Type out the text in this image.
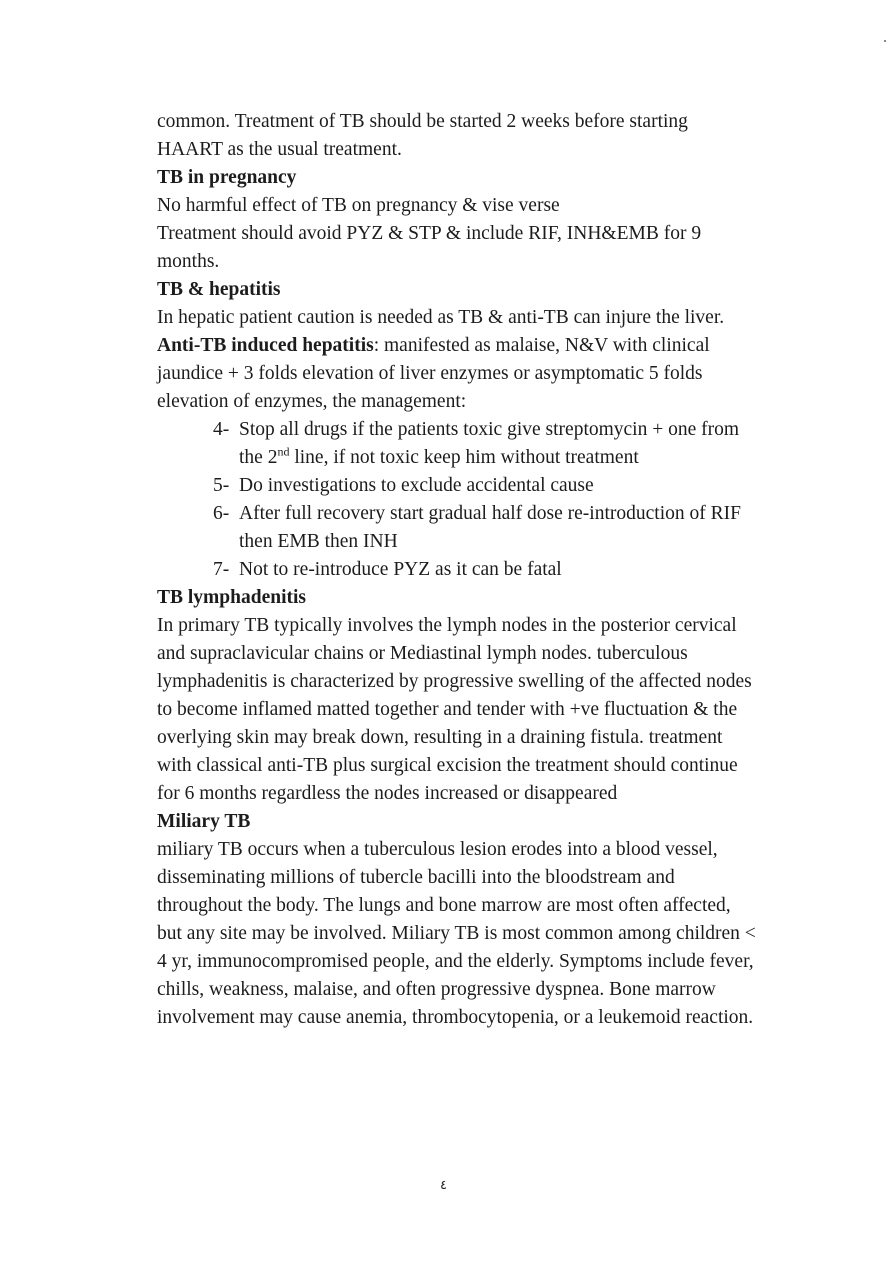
common. Treatment of TB should be started 2 weeks before starting

HAART as the usual treatment.

TB in pregnancy

No harmful effect of TB on pregnancy & vise verse

Treatment should avoid PYZ & STP & include RIF, INH&EMB for 9 months.

TB & hepatitis

In hepatic patient caution is needed as TB & anti-TB can injure the liver.

Anti-TB induced hepatitis: manifested as malaise, N&V with clinical jaundice + 3 folds elevation of liver enzymes or asymptomatic 5 folds elevation of enzymes, the management:

4- Stop all drugs if the patients toxic give streptomycin + one from the 2nd line, if not toxic keep him without treatment
5- Do investigations to exclude accidental cause
6- After full recovery start gradual half dose re-introduction of RIF then EMB then INH
7- Not to re-introduce PYZ as it can be fatal

TB lymphadenitis

In primary TB typically involves the lymph nodes in the posterior cervical and supraclavicular chains or Mediastinal lymph nodes. tuberculous lymphadenitis is characterized by progressive swelling of the affected nodes to become inflamed matted together and tender with +ve fluctuation & the overlying skin may break down, resulting in a draining fistula. treatment with classical anti-TB plus surgical excision the treatment should continue for 6 months regardless the nodes increased or disappeared

Miliary TB

miliary TB occurs when a tuberculous lesion erodes into a blood vessel, disseminating millions of tubercle bacilli into the bloodstream and throughout the body. The lungs and bone marrow are most often affected, but any site may be involved. Miliary TB is most common among children < 4 yr, immunocompromised people, and the elderly. Symptoms include fever, chills, weakness, malaise, and often progressive dyspnea. Bone marrow involvement may cause anemia, thrombocytopenia, or a leukemoid reaction.

٤
